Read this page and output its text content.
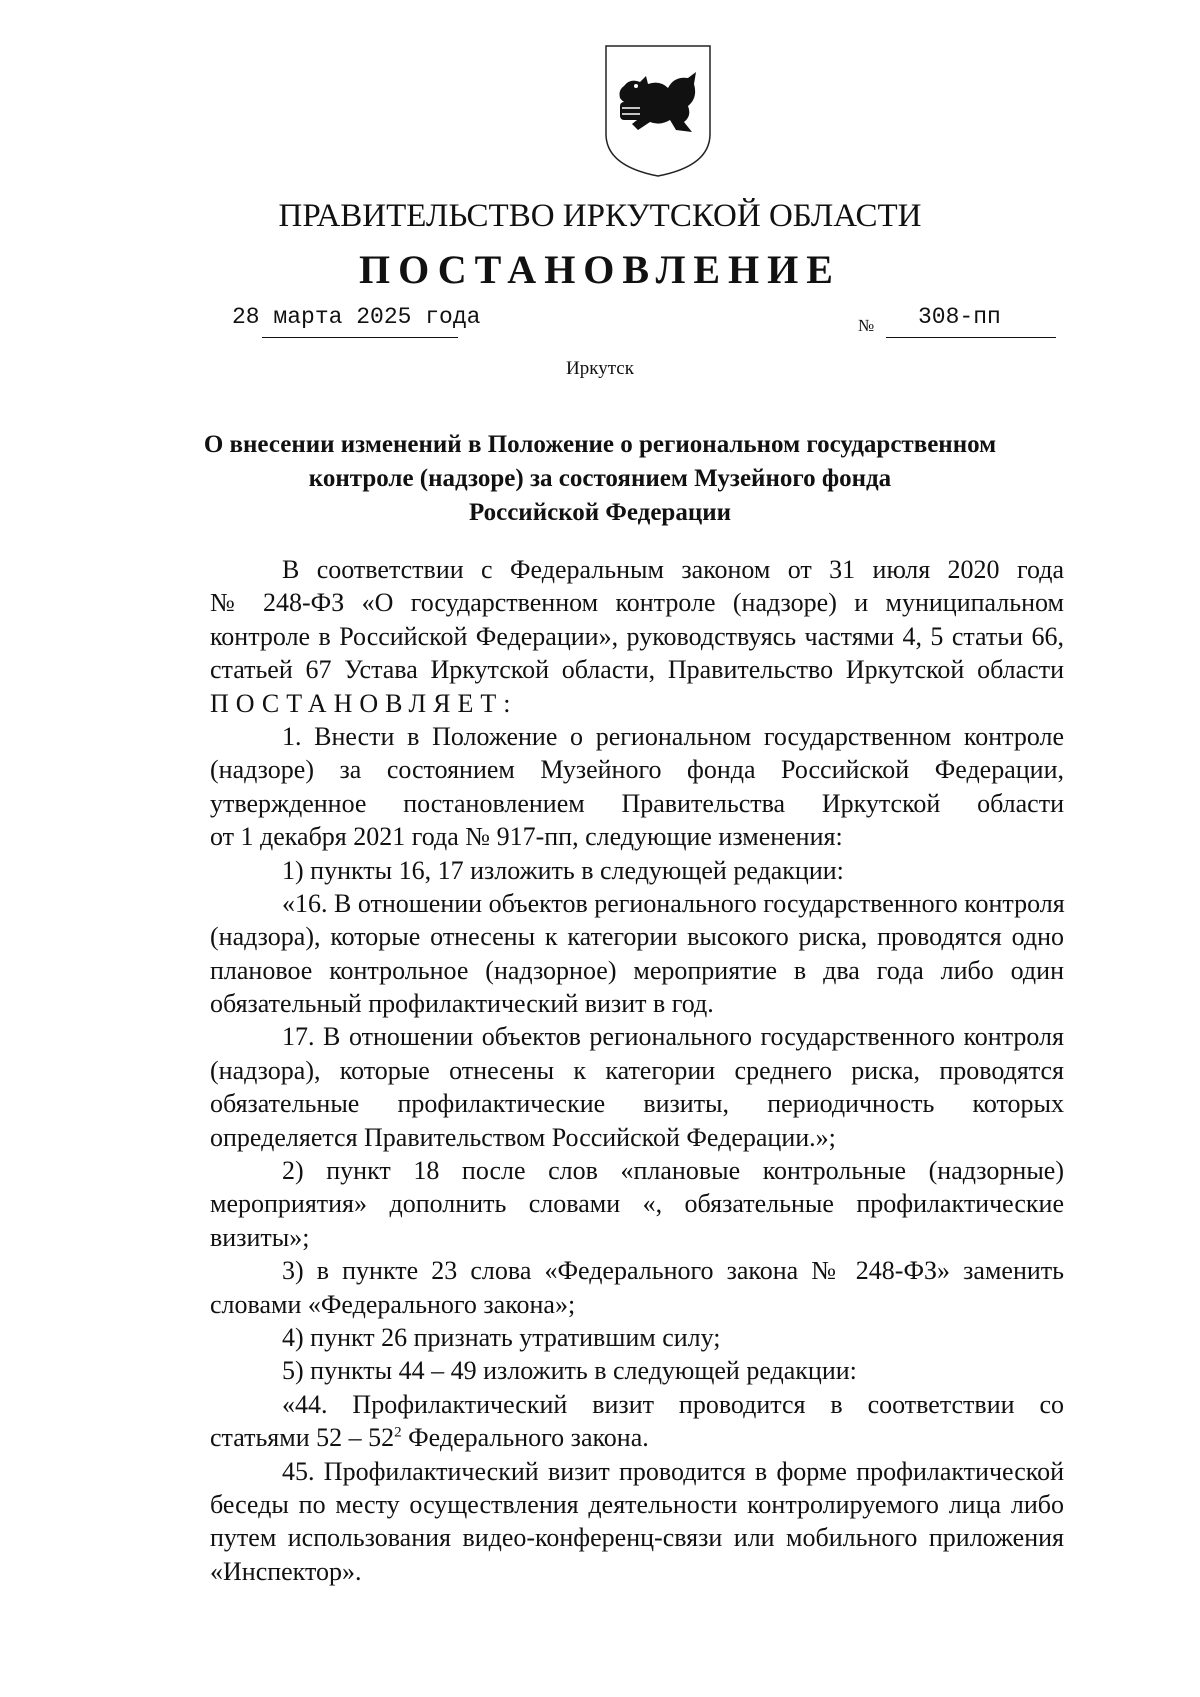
ПРАВИТЕЛЬСТВО ИРКУТСКОЙ ОБЛАСТИ
ПОСТАНОВЛЕНИЕ
28 марта 2025 года	№ 308-пп
Иркутск
О внесении изменений в Положение о региональном государственном
контроле (надзоре) за состоянием Музейного фонда
Российской Федерации
В соответствии с Федеральным законом от 31 июля 2020 года
№ 248-ФЗ «О государственном контроле (надзоре) и муниципальном
контроле в Российской Федерации», руководствуясь частями 4, 5 статьи 66,
статьей 67 Устава Иркутской области, Правительство Иркутской области
ПОСТАНОВЛЯЕТ:
1. Внести в Положение о региональном государственном контроле
(надзоре) за состоянием Музейного фонда Российской Федерации,
утвержденное постановлением Правительства Иркутской области
от 1 декабря 2021 года № 917-пп, следующие изменения:
1) пункты 16, 17 изложить в следующей редакции:
«16. В отношении объектов регионального государственного контроля
(надзора), которые отнесены к категории высокого риска, проводятся одно
плановое контрольное (надзорное) мероприятие в два года либо один
обязательный профилактический визит в год.
17. В отношении объектов регионального государственного контроля
(надзора), которые отнесены к категории среднего риска, проводятся
обязательные профилактические визиты, периодичность которых
определяется Правительством Российской Федерации.»;
2) пункт 18 после слов «плановые контрольные (надзорные)
мероприятия» дополнить словами «, обязательные профилактические
визиты»;
3) в пункте 23 слова «Федерального закона № 248-ФЗ» заменить
словами «Федерального закона»;
4) пункт 26 признать утратившим силу;
5) пункты 44 – 49 изложить в следующей редакции:
«44. Профилактический визит проводится в соответствии со
статьями $52 - 52^2$ Федерального закона.
45. Профилактический визит проводится в форме профилактической
беседы по месту осуществления деятельности контролируемого лица либо
путем использования видео-конференц-связи или мобильного приложения
«Инспектор».
